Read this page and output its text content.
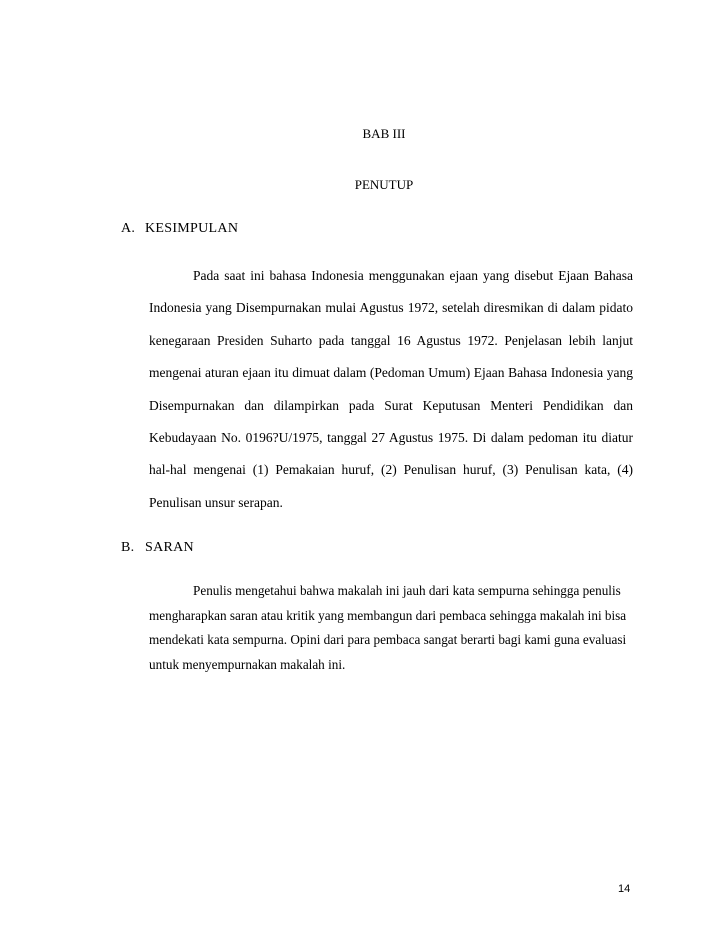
BAB III
PENUTUP
A. KESIMPULAN
Pada saat ini bahasa Indonesia menggunakan ejaan yang disebut Ejaan Bahasa Indonesia yang Disempurnakan mulai Agustus 1972, setelah diresmikan di dalam pidato kenegaraan Presiden Suharto pada tanggal 16 Agustus 1972. Penjelasan lebih lanjut mengenai aturan ejaan itu dimuat dalam (Pedoman Umum) Ejaan Bahasa Indonesia yang Disempurnakan dan dilampirkan pada Surat Keputusan Menteri Pendidikan dan Kebudayaan No. 0196?U/1975, tanggal 27 Agustus 1975. Di dalam pedoman itu diatur hal-hal mengenai (1) Pemakaian huruf, (2) Penulisan huruf, (3) Penulisan kata, (4) Penulisan unsur serapan.
B. SARAN
Penulis mengetahui bahwa makalah ini jauh dari kata sempurna sehingga penulis mengharapkan saran atau kritik yang membangun dari pembaca sehingga makalah ini bisa mendekati kata sempurna. Opini dari para pembaca sangat berarti bagi kami guna evaluasi untuk menyempurnakan makalah ini.
14
